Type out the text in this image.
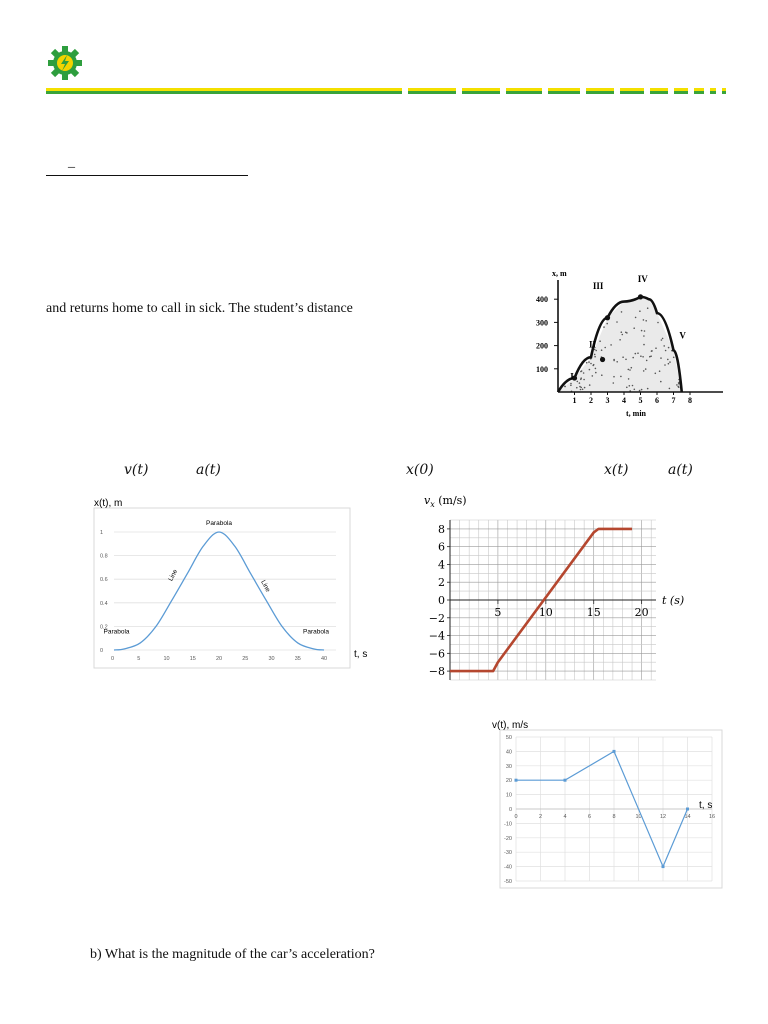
_
and returns home to call in sick. The student’s distance
v(t)	a(t)	x(0)	x(t)	a(t)
x, m
t, min
1 2 3 4 5 6 7 8
100
200
300
400
I
II
III
IV
V
0
0.2
0.4
0.6
0.8
1
0	5	10	15	20	25	30	35	40
x(t), m
t, s
Parabola
Line
Parabola
Line
Parabola
8
6
4
2
0
−2
−4
−6
−8
5	10	15	20
$v_x$ (m/s)
t (s)
50
40
30
20
10
0
-10
-20
-30
-40
-50
0	2	4	6	8	10	12	14	16
v(t), m/s
t, s
b) What is the magnitude of the car’s acceleration?
